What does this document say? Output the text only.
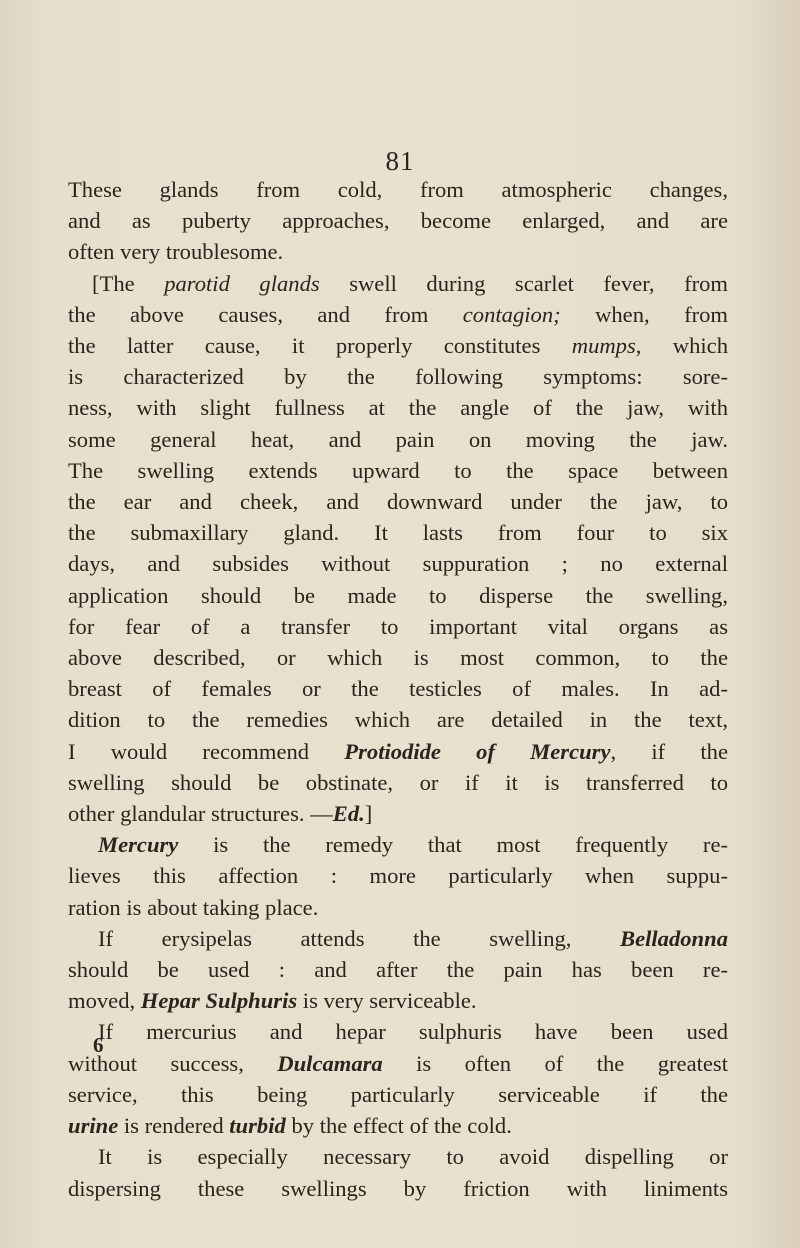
81
These glands from cold, from atmospheric changes,
and as puberty approaches, become enlarged, and are
often very troublesome.
[The parotid glands swell during scarlet fever, from
the above causes, and from contagion; when, from
the latter cause, it properly constitutes mumps, which
is characterized by the following symptoms: sore-
ness, with slight fullness at the angle of the jaw, with
some general heat, and pain on moving the jaw.
The swelling extends upward to the space between
the ear and cheek, and downward under the jaw, to
the submaxillary gland. It lasts from four to six
days, and subsides without suppuration ; no external
application should be made to disperse the swelling,
for fear of a transfer to important vital organs as
above described, or which is most common, to the
breast of females or the testicles of males. In ad-
dition to the remedies which are detailed in the text,
I would recommend Protiodide of Mercury, if the
swelling should be obstinate, or if it is transferred to
other glandular structures. —Ed.]
Mercury is the remedy that most frequently re-
lieves this affection : more particularly when suppu-
ration is about taking place.
If erysipelas attends the swelling, Belladonna
should be used : and after the pain has been re-
moved, Hepar Sulphuris is very serviceable.
If mercurius and hepar sulphuris have been used
without success, Dulcamara is often of the greatest
service, this being particularly serviceable if the
urine is rendered turbid by the effect of the cold.
It is especially necessary to avoid dispelling or
dispersing these swellings by friction with liniments
6
